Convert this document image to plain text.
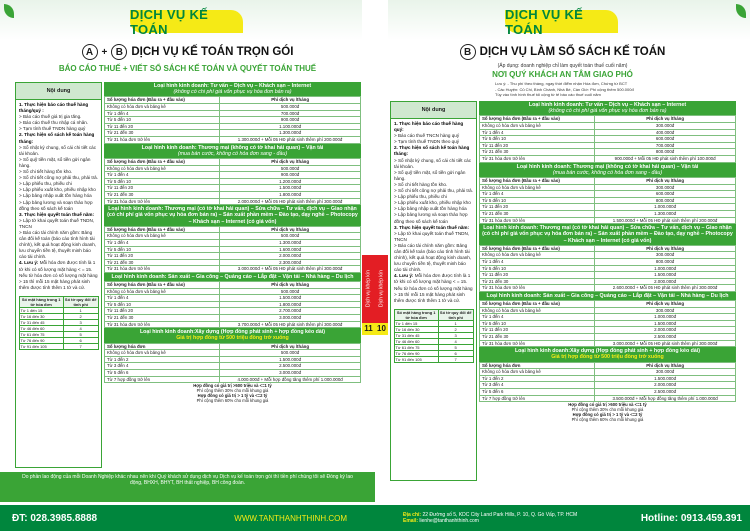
DỊCH VỤ KẾ TOÁN
A + B DỊCH VỤ KẾ TOÁN TRỌN GÓI
BÁO CÁO THUẾ + VIẾT SỔ SÁCH KẾ TOÁN VÀ QUYẾT TOÁN THUẾ
Nội dung
1. Thực hiện báo cáo thuế hàng tháng/quý :
> Báo cáo thuế giá trị gia tăng.
> Báo cáo thuế thu nhập cá nhân.
> Tạm tính thuế TNDN hàng quý
2. Thực hiện sổ sách kế toán hàng tháng:
> Sổ nhật ký chung, sổ cái chi tiết các tài khoản.
> Sổ quỹ tiền mặt, sổ tiền gửi ngân hàng.
> Sổ chi tiết hàng tồn kho.
> Sổ chi tiết công nợ phải thu, phải trả.
> Lập phiếu thu, phiếu chi
> Lập phiếu xuất kho, phiếu nhập kho
> Lập bảng nhập xuất tồn hàng hóa
> Lập bảng lương và soạn thảo hợp đồng theo số sách kế toán
3. Thực hiện quyết toán thuế năm:
> Lập tờ khai quyết toán thuế TNDN, TNCN
> Báo cáo tài chính năm gồm: Bảng cân đối kế toán (báo cáo tình hình tài chính), kết quả hoạt động kinh doanh, lưu chuyển tiền tệ, thuyết minh báo cáo tài chính.
4. Lưu ý: Mỗi hóa đơn được tính là 1 tờ khi có số lượng mặt hàng < = 15. Nếu từ hóa đơn có số lượng mặt hàng > 15 thì mỗi 15 mặt hàng phát sinh thêm được tính thêm 1 tờ và cứ.
Số mặt hàng trong 1 tờ hóa đơn	Số tờ quy đổi để tính phí
Từ 1 đến 15	1
Từ 16 đến 30	2
Từ 31 đến 45	3
Từ 46 đến 60	4
Từ 61 đến 75	5
Từ 76 đến 90	6
Từ 91 đến 105	7
Loại hình kinh doanh: Tư vấn – Dịch vụ – Khách sạn – Internet
(không có chi phí giá vốn phục vụ hóa đơn bán ra)
Số lượng hóa đơn (Đầu ra + đầu vào)	Phí dịch vụ /tháng
Không có hóa đơn và bảng kê	500.000đ
Từ 1 đến 4	700.000đ
Từ 5 đến 10	900.000đ
Từ 11 đến 20	1.100.000đ
Từ 21 đến 30	1.300.000đ
Từ 31 hóa đơn trở lên	1.300.000đ + Mỗi 05 HĐ phát sinh thêm phí 200.000đ
Loại hình kinh doanh: Thương mại (không có tờ khai hải quan) – Vận tải
(mua bán cước, không có hóa đơn sang - đầu)
Số lượng hóa đơn (Đầu ra + đầu vào)	Phí dịch vụ /tháng
Không có hóa đơn và bảng kê	500.000đ
Từ 1 đến 4	900.000đ
Từ 5 đến 10	1.200.000đ
Từ 11 đến 20	1.500.000đ
Từ 21 đến 30	1.800.000đ
Từ 31 hóa đơn trở lên	2.000.000đ + Mỗi 05 HĐ phát sinh thêm phí 300.000đ
Loại hình kinh doanh: Thương mại (có tờ khai hải quan) – Sửa chữa – Tư vấn, dịch vụ – Giao nhận (có chi phí giá vốn phục vụ hóa đơn bán ra) – Sản xuất phần mềm – Đào tạo, dạy nghề – Photocopy – Khách sạn – Internet (có giá vốn)
Số lượng hóa đơn (Đầu ra + đầu vào)	Phí dịch vụ /tháng
Không có hóa đơn và bảng kê	500.000đ
Từ 1 đến 4	1.300.000đ
Từ 5 đến 10	1.600.000đ
Từ 11 đến 20	2.000.000đ
Từ 21 đến 30	2.300.000đ
Từ 31 hóa đơn trở lên	3.000.000đ + Mỗi 05 HĐ phát sinh thêm phí 300.000đ
Loại hình kinh doanh: Sản xuất – Gia công – Quảng cáo – Lắp đặt – Vận tải – Nhà hàng – Du lịch
Số lượng hóa đơn (Đầu ra + đầu vào)	Phí dịch vụ /tháng
Không có hóa đơn và bảng kê	500.000đ
Từ 1 đến 4	1.500.000đ
Từ 5 đến 10	1.800.000đ
Từ 11 đến 20	2.700.000đ
Từ 21 đến 30	3.000.000đ
Từ 31 hóa đơn trở lên	3.700.000đ + Mỗi 05 HĐ phát sinh thêm phí 300.000đ
Loại hình kinh doanh:Xây dựng (Hợp đồng phát sinh + hợp đồng kéo dài)
Giá trị hợp đồng từ 500 triệu đồng trở xuống
Số lượng hóa đơn	Phí dịch vụ /tháng
Không có hóa đơn và bảng kê	500.000đ
Từ 1 đến 2	1.500.000đ
Từ 3 đến 4	2.500.000đ
Từ 5 đến 6	3.000.000đ
Từ 7 hợp đồng trở lên	4.000.000đ + Mỗi hợp đồng tăng thêm phí 1.000.000đ
Hợp đồng có giá trị >500 triệu và <=1 tỷ
Phí cộng thêm 30% cho mỗi khung giá
Hợp đồng có giá trị > 1 tỷ và <=2 tỷ
Phí cộng thêm 60% cho mỗi khung giá
Dịch vụ khép kín
11
Do phần lao động của mỗi Doanh Nghiệp khác nhau nên khi Quý khách sử dụng dịch vụ Dịch vụ kế toán trọn gói thì tiền phí chúng tôi sẽ Đóng ký lao động, BHXH, BHYT, BH thất nghiệp, BH công đoàn.
ĐT: 028.3985.8888	WWW.TANTHANHTHINH.COM
DỊCH VỤ KẾ TOÁN
B DỊCH VỤ LÀM SỔ SÁCH KẾ TOÁN
(Áp dụng: doanh nghiệp chỉ làm quyết toán thuế cuối năm)
NƠI QUÝ KHÁCH AN TÂM GIAO PHÓ
Lưu ý: - Thu phí theo tháng, ngay thời điểm nhận Hóa đơn, Chứng từ BCT
- Các Huyện: Củ Chi, Bình Chánh, Nhà Bè, Cần Giờ: Phí cộng thêm 500.000đ
Tùy vào tình hình thuế tối cộng từ tế báo cáo thuế cuối năm
Nội dung
1. Thực hiện báo cáo thuế hàng quý:
> Báo cáo thuế TNCN hàng quý
> Tạm tính thuế TNDN theo quý
2. Thực hiện sổ sách kế toán hàng tháng:
> Sổ nhật ký chung, sổ cái chi tiết các tài khoản.
> Sổ quỹ tiền mặt, sổ tiền gửi ngân hàng.
> Sổ chi tiết hàng tồn kho.
> Sổ chi tiết công nợ phải thu, phải trả.
> Lập phiếu thu, phiếu chi
> Lập phiếu xuất kho, phiếu nhập kho
> Lập bảng nhập xuất tồn hàng hóa
> Lập bảng lương và soạn thảo hợp đồng theo số sách kế toán
3. Thực hiện quyết toán thuế năm:
> Lập tờ khai quyết toán thuế TNDN, TNCN
> Báo cáo tài chính năm gồm: Bảng cân đối kế toán (báo cáo tình hình tài chính), kết quả hoạt động kinh doanh, lưu chuyển tiền tệ, thuyết minh báo cáo tài chính.
4. Lưu ý: Mỗi hóa đơn được tính là 1 tờ khi có số lượng mặt hàng < = 15. Nếu từ hóa đơn có số lượng mặt hàng > 15 thì mỗi 15 mặt hàng phát sinh thêm được tính thêm 1 tờ và cứ.
Số mặt hàng trong 1 tờ hóa đơn	Số tờ quy đổi để tính phí
Từ 1 đến 15	1
Từ 16 đến 30	2
Từ 31 đến 45	3
Từ 46 đến 60	4
Từ 61 đến 75	5
Từ 76 đến 90	6
Từ 91 đến 105	7
Loại hình kinh doanh: Tư vấn – Dịch vụ – Khách sạn – Internet
(không có chi phí giá vốn phục vụ hóa đơn bán ra)
Số lượng hóa đơn (Đầu ra + đầu vào)	Phí dịch vụ /tháng
Không có hóa đơn và bảng kê	300.000đ
Từ 1 đến 4	400.000đ
Từ 5 đến 10	600.000đ
Từ 11 đến 20	700.000đ
Từ 21 đến 30	800.000đ
Từ 31 hóa đơn trở lên	900.000đ + Mỗi 05 HĐ phát sinh thêm phí 100.000đ
Loại hình kinh doanh: Thương mại (không có tờ khai hải quan) – Vận tải
(mua bán cước, không có hóa đơn sang - đầu)
Số lượng hóa đơn (Đầu ra + đầu vào)	Phí dịch vụ /tháng
Không có hóa đơn và bảng kê	300.000đ
Từ 1 đến 4	600.000đ
Từ 5 đến 10	800.000đ
Từ 11 đến 20	1.000.000đ
Từ 21 đến 30	1.300.000đ
Từ 31 hóa đơn trở lên	1.500.000đ + Mỗi 05 HĐ phát sinh thêm phí 200.000đ
Loại hình kinh doanh: Thương mại (có tờ khai hải quan) – Sửa chữa – Tư vấn, dịch vụ – Giao nhận (có chi phí giá vốn phục vụ hóa đơn bán ra) – Sản xuất phần mềm – Đào tạo, dạy nghề – Photocopy – Khách sạn – Internet (có giá vốn)
Số lượng hóa đơn (Đầu ra + đầu vào)	Phí dịch vụ /tháng
Không có hóa đơn và bảng kê	300.000đ
Từ 1 đến 4	800.000đ
Từ 5 đến 10	1.000.000đ
Từ 11 đến 20	1.500.000đ
Từ 21 đến 30	2.000.000đ
Từ 31 hóa đơn trở lên	2.600.000đ + Mỗi 05 HĐ phát sinh thêm phí 300.000đ
Loại hình kinh doanh: Sản xuất – Gia công – Quảng cáo – Lắp đặt – Vận tải – Nhà hàng – Du lịch
Số lượng hóa đơn (Đầu ra + đầu vào)	Phí dịch vụ /tháng
Không có hóa đơn và bảng kê	300.000đ
Từ 1 đến 4	1.000.000đ
Từ 5 đến 10	1.500.000đ
Từ 11 đến 20	2.000.000đ
Từ 21 đến 30	2.500.000đ
Từ 31 hóa đơn trở lên	3.000.000đ + Mỗi 05 HĐ phát sinh thêm phí 300.000đ
Loại hình kinh doanh:Xây dựng (Hợp đồng phát sinh + hợp đồng kéo dài)
Giá trị hợp đồng từ 500 triệu đồng trở xuống
Số lượng hóa đơn	Phí dịch vụ /tháng
Không có hóa đơn và bảng kê	300.000đ
Từ 1 đến 2	1.500.000đ
Từ 3 đến 4	2.000.000đ
Từ 5 đến 6	2.500.000đ
Từ 7 hợp đồng trở lên	3.500.000đ + Mỗi hợp đồng tăng thêm phí 1.000.000đ
Hợp đồng có giá trị >500 triệu và <=1 tỷ
Phí cộng thêm 30% cho mỗi khung giá
Hợp đồng có giá trị > 1 tỷ và <=2 tỷ
Phí cộng thêm 60% cho mỗi khung giá
Dịch vụ khép kín
10
Địa chỉ: 22 Đường số 5, KDC City Land Park Hills, P. 10, Q. Gò Vấp, TP. HCM
Email: lienhe@tanthanhthinh.com	Hotline: 0913.459.391
